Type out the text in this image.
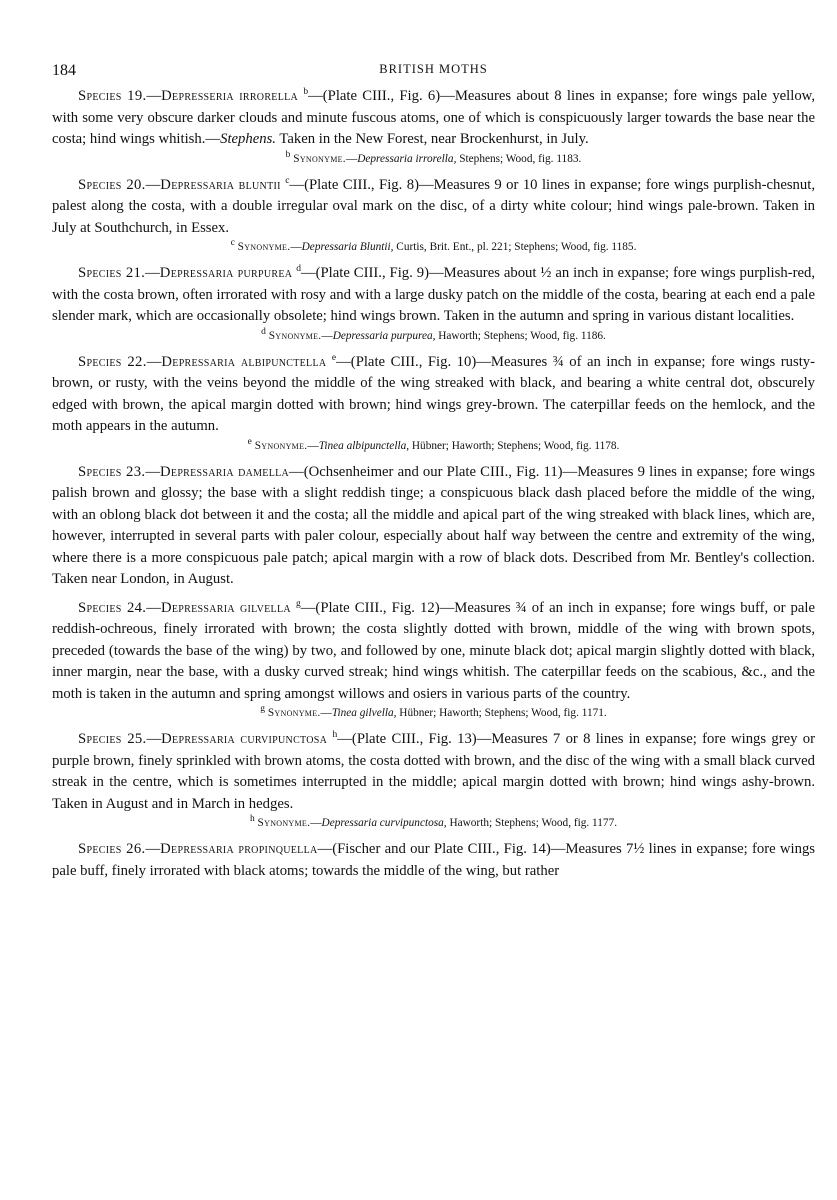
184	BRITISH MOTHS

Species 19.—Depresseria irrorella $^b$—(Plate CIII., Fig. 6)—Measures about 8 lines in expanse; fore wings pale yellow, with some very obscure darker clouds and minute fuscous atoms, one of which is conspicuously larger towards the base near the costa; hind wings whitish.—Stephens. Taken in the New Forest, near Brockenhurst, in July.

$^b$ Synonyme.—Depressaria irrorella, Stephens; Wood, fig. 1183.

Species 20.—Depressaria bluntii $^c$—(Plate CIII., Fig. 8)—Measures 9 or 10 lines in expanse; fore wings purplish-chesnut, palest along the costa, with a double irregular oval mark on the disc, of a dirty white colour; hind wings pale-brown. Taken in July at Southchurch, in Essex.

$^c$ Synonyme.—Depressaria Bluntii, Curtis, Brit. Ent., pl. 221; Stephens; Wood, fig. 1185.

Species 21.—Depressaria purpurea $^d$—(Plate CIII., Fig. 9)—Measures about ½ an inch in expanse; fore wings purplish-red, with the costa brown, often irrorated with rosy and with a large dusky patch on the middle of the costa, bearing at each end a pale slender mark, which are occasionally obsolete; hind wings brown. Taken in the autumn and spring in various distant localities.

$^d$ Synonyme.—Depressaria purpurea, Haworth; Stephens; Wood, fig. 1186.

Species 22.—Depressaria albipunctella $^e$—(Plate CIII., Fig. 10)—Measures ¾ of an inch in expanse; fore wings rusty-brown, or rusty, with the veins beyond the middle of the wing streaked with black, and bearing a white central dot, obscurely edged with brown, the apical margin dotted with brown; hind wings grey-brown. The caterpillar feeds on the hemlock, and the moth appears in the autumn.

$^e$ Synonyme.—Tinea albipunctella, Hübner; Haworth; Stephens; Wood, fig. 1178.

Species 23.—Depressaria damella—(Ochsenheimer and our Plate CIII., Fig. 11)—Measures 9 lines in expanse; fore wings palish brown and glossy; the base with a slight reddish tinge; a conspicuous black dash placed before the middle of the wing, with an oblong black dot between it and the costa; all the middle and apical part of the wing streaked with black lines, which are, however, interrupted in several parts with paler colour, especially about half way between the centre and extremity of the wing, where there is a more conspicuous pale patch; apical margin with a row of black dots. Described from Mr. Bentley's collection. Taken near London, in August.

Species 24.—Depressaria gilvella $^g$—(Plate CIII., Fig. 12)—Measures ¾ of an inch in expanse; fore wings buff, or pale reddish-ochreous, finely irrorated with brown; the costa slightly dotted with brown, middle of the wing with brown spots, preceded (towards the base of the wing) by two, and followed by one, minute black dot; apical margin slightly dotted with black, inner margin, near the base, with a dusky curved streak; hind wings whitish. The caterpillar feeds on the scabious, &c., and the moth is taken in the autumn and spring amongst willows and osiers in various parts of the country.

$^g$ Synonyme.—Tinea gilvella, Hübner; Haworth; Stephens; Wood, fig. 1171.

Species 25.—Depressaria curvipunctosa $^h$—(Plate CIII., Fig. 13)—Measures 7 or 8 lines in expanse; fore wings grey or purple brown, finely sprinkled with brown atoms, the costa dotted with brown, and the disc of the wing with a small black curved streak in the centre, which is sometimes interrupted in the middle; apical margin dotted with brown; hind wings ashy-brown. Taken in August and in March in hedges.

$^h$ Synonyme.—Depressaria curvipunctosa, Haworth; Stephens; Wood, fig. 1177.

Species 26.—Depressaria propinquella—(Fischer and our Plate CIII., Fig. 14)—Measures 7½ lines in expanse; fore wings pale buff, finely irrorated with black atoms; towards the middle of the wing, but rather
